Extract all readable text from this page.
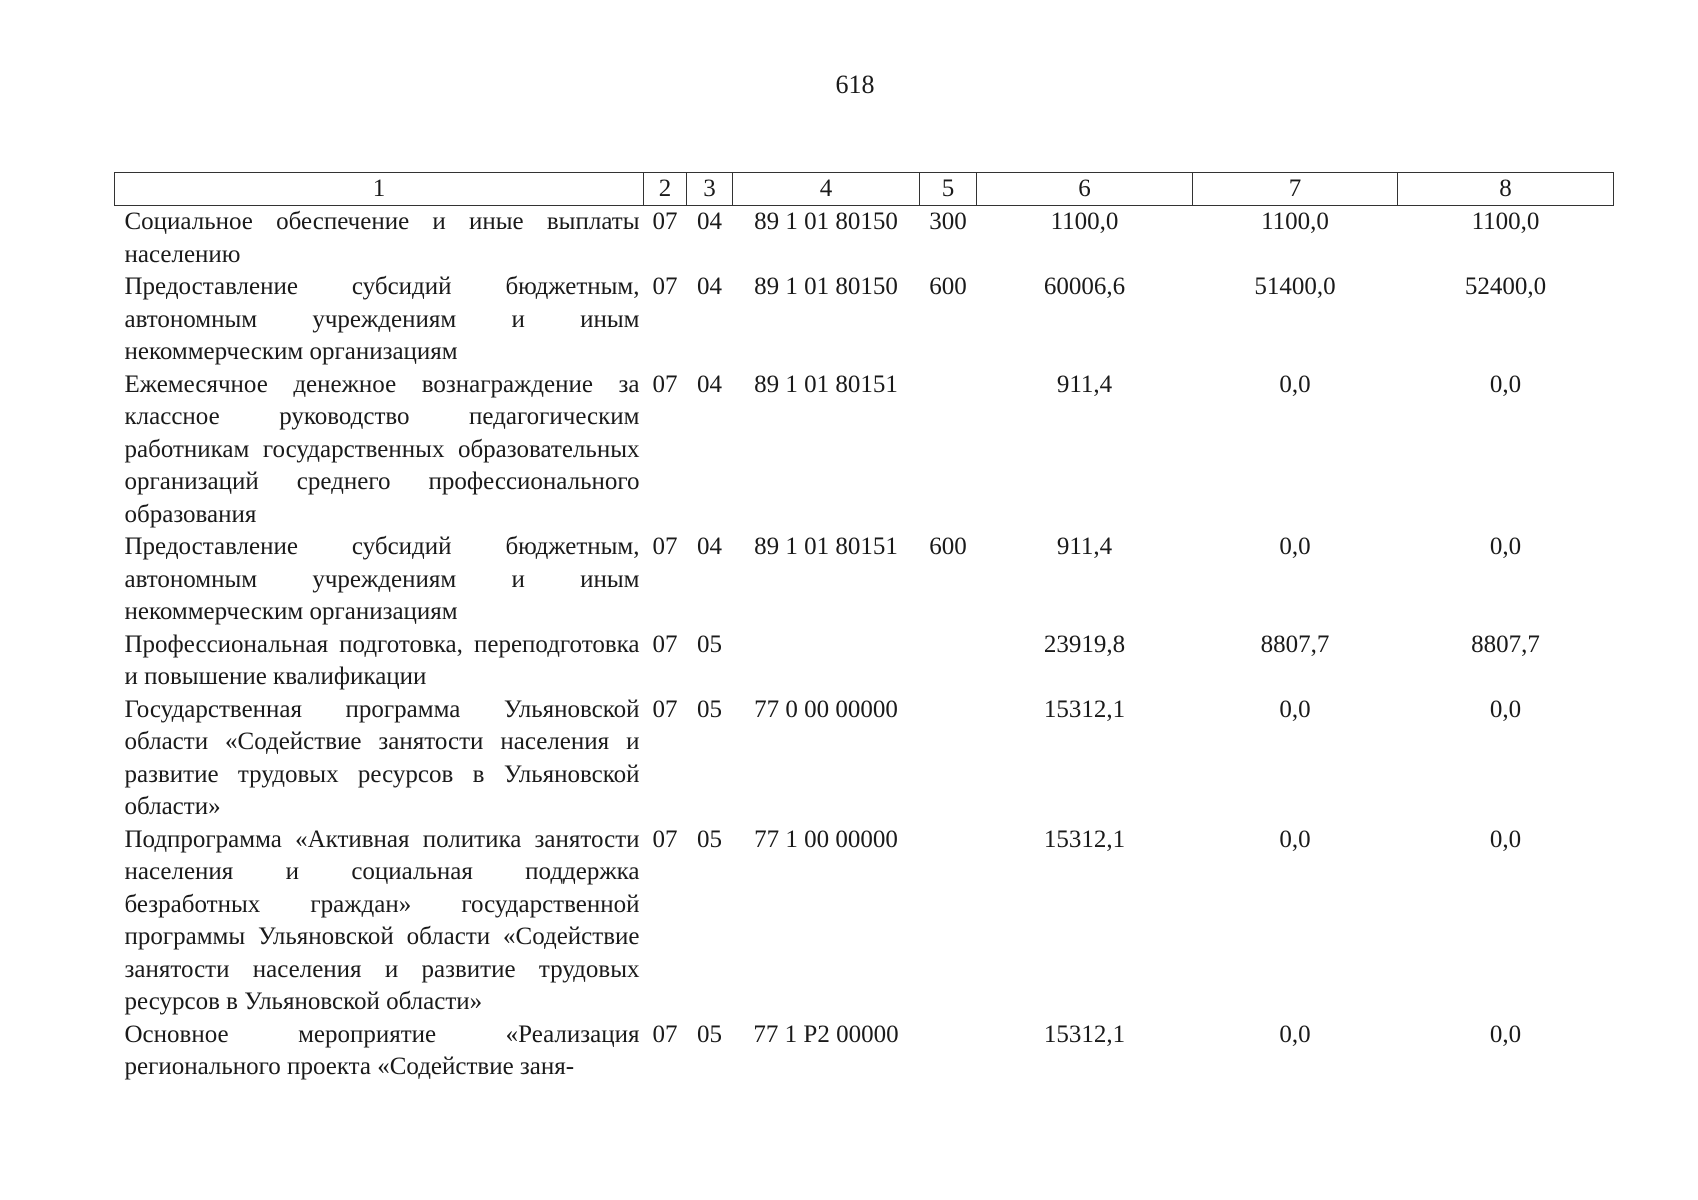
618
1	2	3	4	5	6	7	8
Социальное обеспечение и иные выплаты населению	07	04	89 1 01 80150	300	1100,0	1100,0	1100,0
Предоставление субсидий бюджетным, автономным учреждениям и иным некоммерческим организациям	07	04	89 1 01 80150	600	60006,6	51400,0	52400,0
Ежемесячное денежное вознаграждение за классное руководство педагогическим работникам государственных образовательных организаций среднего профессионального образования	07	04	89 1 01 80151		911,4	0,0	0,0
Предоставление субсидий бюджетным, автономным учреждениям и иным некоммерческим организациям	07	04	89 1 01 80151	600	911,4	0,0	0,0
Профессиональная подготовка, переподготовка и повышение квалификации	07	05			23919,8	8807,7	8807,7
Государственная программа Ульяновской области «Содействие занятости населения и развитие трудовых ресурсов в Ульяновской области»	07	05	77 0 00 00000		15312,1	0,0	0,0
Подпрограмма «Активная политика занятости населения и социальная поддержка безработных граждан» государственной программы Ульяновской области «Содействие занятости населения и развитие трудовых ресурсов в Ульяновской области»	07	05	77 1 00 00000		15312,1	0,0	0,0
Основное мероприятие «Реализация регионального проекта «Содействие заня-	07	05	77 1 P2 00000		15312,1	0,0	0,0
